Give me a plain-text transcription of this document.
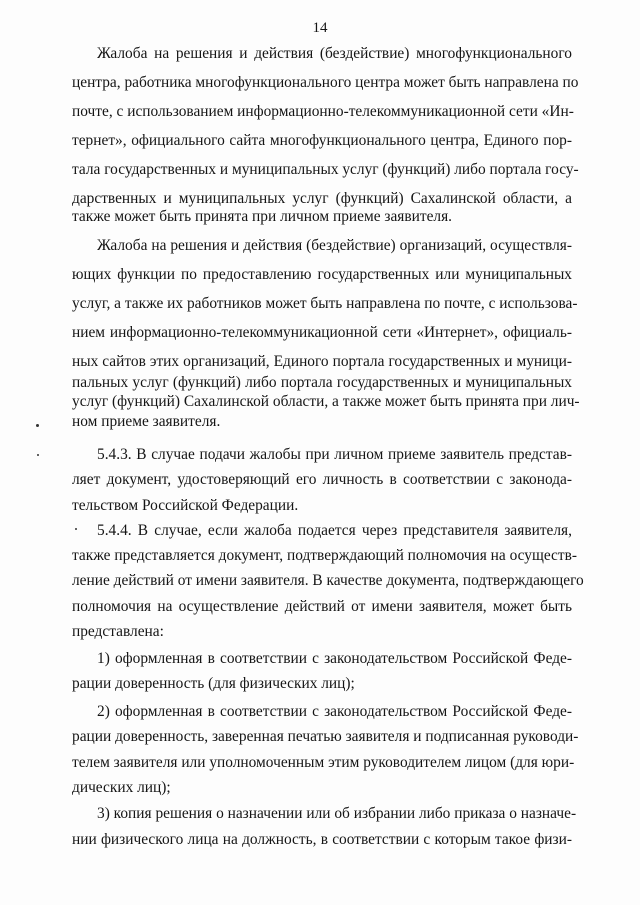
14
Жалоба на решения и действия (бездействие) многофункционального
центра, работника многофункционального центра может быть направлена по
почте, с использованием информационно-телекоммуникационной сети «Ин-
тернет», официального сайта многофункционального центра, Единого пор-
тала государственных и муниципальных услуг (функций) либо портала госу-
дарственных и муниципальных услуг (функций) Сахалинской области, а
также может быть принята при личном приеме заявителя.
Жалоба на решения и действия (бездействие) организаций, осуществля-
ющих функции по предоставлению государственных или муниципальных
услуг, а также их работников может быть направлена по почте, с использова-
нием информационно-телекоммуникационной сети «Интернет», официаль-
ных сайтов этих организаций, Единого портала государственных и муници-
пальных услуг (функций) либо портала государственных и муниципальных
услуг (функций) Сахалинской области, а также может быть принята при лич-
ном приеме заявителя.
5.4.3. В случае подачи жалобы при личном приеме заявитель представ-
ляет документ, удостоверяющий его личность в соответствии с законода-
тельством Российской Федерации.
5.4.4. В случае, если жалоба подается через представителя заявителя,
также представляется документ, подтверждающий полномочия на осуществ-
ление действий от имени заявителя. В качестве документа, подтверждающего
полномочия на осуществление действий от имени заявителя, может быть
представлена:
1) оформленная в соответствии с законодательством Российской Феде-
рации доверенность (для физических лиц);
2) оформленная в соответствии с законодательством Российской Феде-
рации доверенность, заверенная печатью заявителя и подписанная руководи-
телем заявителя или уполномоченным этим руководителем лицом (для юри-
дических лиц);
3) копия решения о назначении или об избрании либо приказа о назначе-
нии физического лица на должность, в соответствии с которым такое физи-
